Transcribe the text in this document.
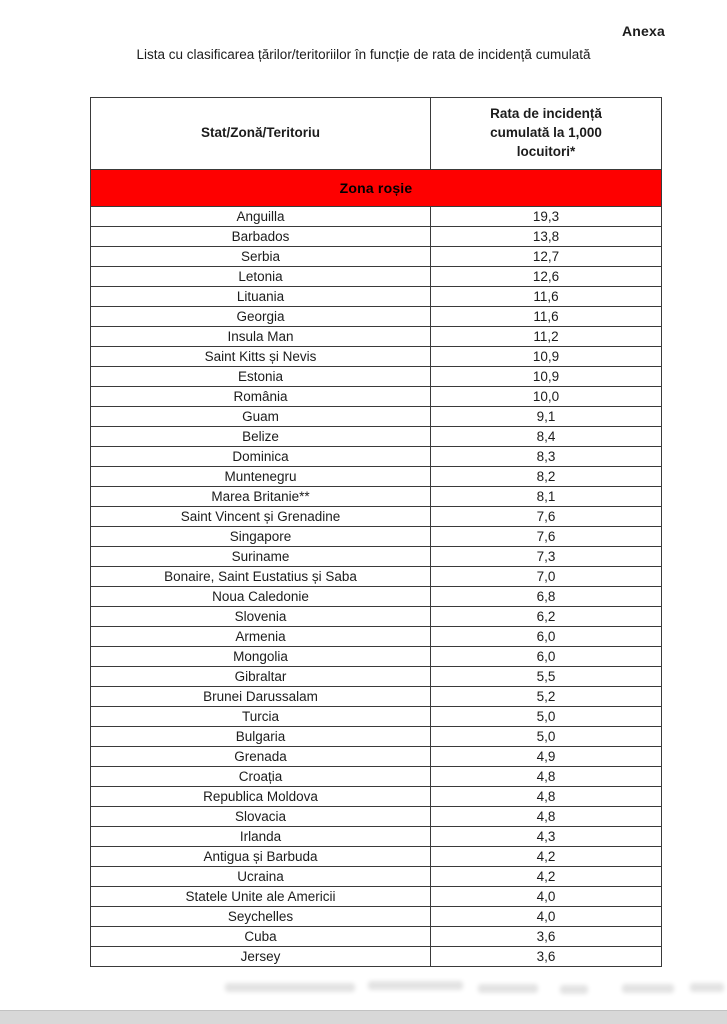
Anexa
Lista cu clasificarea țărilor/teritoriilor în funcție de rata de incidență cumulată
Stat/Zonă/Teritoriu	Rata de incidență cumulată la 1,000 locuitori*
Zona roșie	
Anguilla	19,3
Barbados	13,8
Serbia	12,7
Letonia	12,6
Lituania	11,6
Georgia	11,6
Insula Man	11,2
Saint Kitts și Nevis	10,9
Estonia	10,9
România	10,0
Guam	9,1
Belize	8,4
Dominica	8,3
Muntenegru	8,2
Marea Britanie**	8,1
Saint Vincent și Grenadine	7,6
Singapore	7,6
Suriname	7,3
Bonaire, Saint Eustatius și Saba	7,0
Noua Caledonie	6,8
Slovenia	6,2
Armenia	6,0
Mongolia	6,0
Gibraltar	5,5
Brunei Darussalam	5,2
Turcia	5,0
Bulgaria	5,0
Grenada	4,9
Croația	4,8
Republica Moldova	4,8
Slovacia	4,8
Irlanda	4,3
Antigua și Barbuda	4,2
Ucraina	4,2
Statele Unite ale Americii	4,0
Seychelles	4,0
Cuba	3,6
Jersey	3,6
